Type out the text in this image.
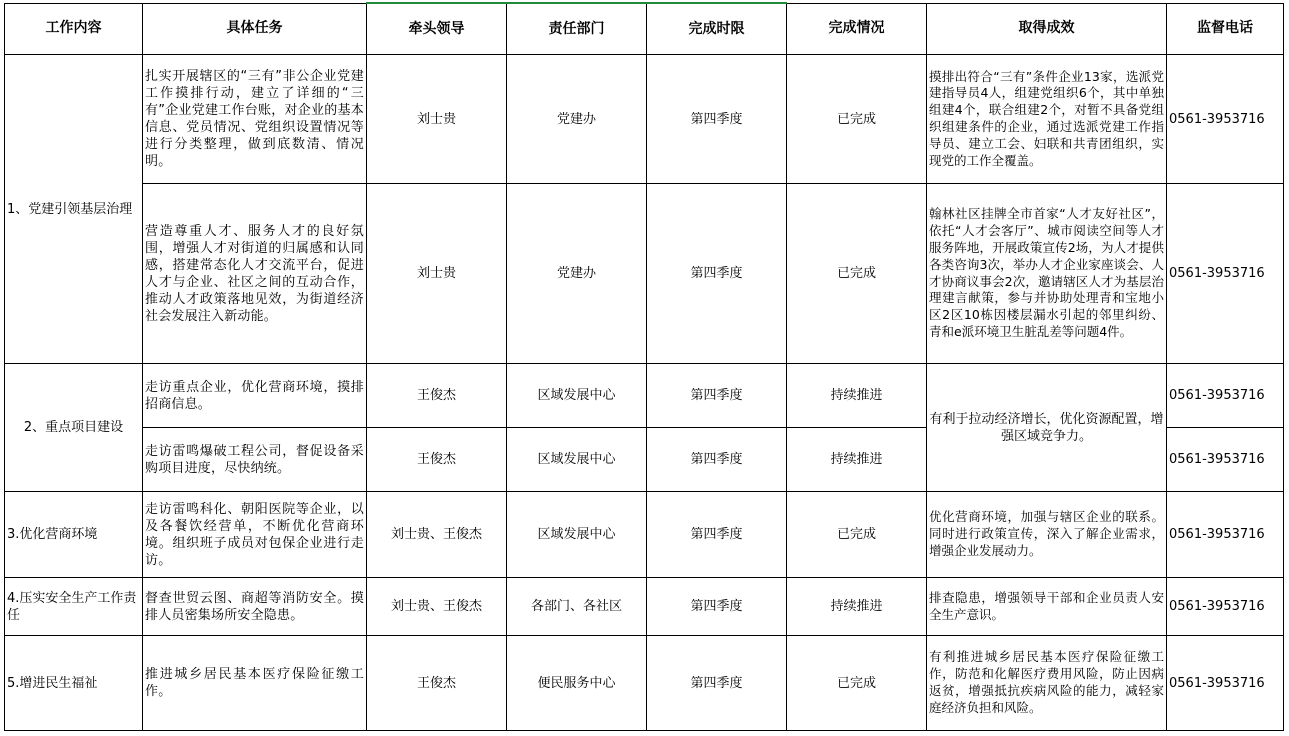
工作内容	具体任务	牵头领导	责任部门	完成时限	完成情况	取得成效	监督电话
1、党建引领基层治理	扎实开展辖区的“三有”非公企业党建工作摸排行动，建立了详细的“三有”企业党建工作台账，对企业的基本信息、党员情况、党组织设置情况等进行分类整理，做到底数清、情况明。	刘士贵	党建办	第四季度	已完成	摸排出符合“三有”条件企业13家，选派党建指导员4人，组建党组织6个，其中单独组建4个，联合组建2个，对暂不具备党组织组建条件的企业，通过选派党建工作指导员、建立工会、妇联和共青团组织，实现党的工作全覆盖。	0561-3953716
	营造尊重人才、服务人才的良好氛围，增强人才对街道的归属感和认同感，搭建常态化人才交流平台，促进人才与企业、社区之间的互动合作，推动人才政策落地见效，为街道经济社会发展注入新动能。	刘士贵	党建办	第四季度	已完成	翰林社区挂牌全市首家“人才友好社区”，依托“人才会客厅”、城市阅读空间等人才服务阵地，开展政策宣传2场，为人才提供各类咨询3次，举办人才企业家座谈会、人才协商议事会2次，邀请辖区人才为基层治理建言献策，参与并协助处理青和宝地小区2区10栋因楼层漏水引起的邻里纠纷、青和e派环境卫生脏乱差等问题4件。	0561-3953716
2、重点项目建设	走访重点企业，优化营商环境，摸排招商信息。	王俊杰	区域发展中心	第四季度	持续推进	有利于拉动经济增长，优化资源配置，增强区域竞争力。	0561-3953716
	走访雷鸣爆破工程公司，督促设备采购项目进度，尽快纳统。	王俊杰	区域发展中心	第四季度	持续推进		0561-3953716
3.优化营商环境	走访雷鸣科化、朝阳医院等企业，以及各餐饮经营单，不断优化营商环境。组织班子成员对包保企业进行走访。	刘士贵、王俊杰	区域发展中心	第四季度	已完成	优化营商环境，加强与辖区企业的联系。同时进行政策宣传，深入了解企业需求，增强企业发展动力。	0561-3953716
4.压实安全生产工作责任	督查世贸云图、商超等消防安全。摸排人员密集场所安全隐患。	刘士贵、王俊杰	各部门、各社区	第四季度	持续推进	排查隐患，增强领导干部和企业员责人安全生产意识。	0561-3953716
5.增进民生福祉	推进城乡居民基本医疗保险征缴工作。	王俊杰	便民服务中心	第四季度	已完成	有利推进城乡居民基本医疗保险征缴工作，防范和化解医疗费用风险，防止因病返贫，增强抵抗疾病风险的能力，减轻家庭经济负担和风险。	0561-3953716
